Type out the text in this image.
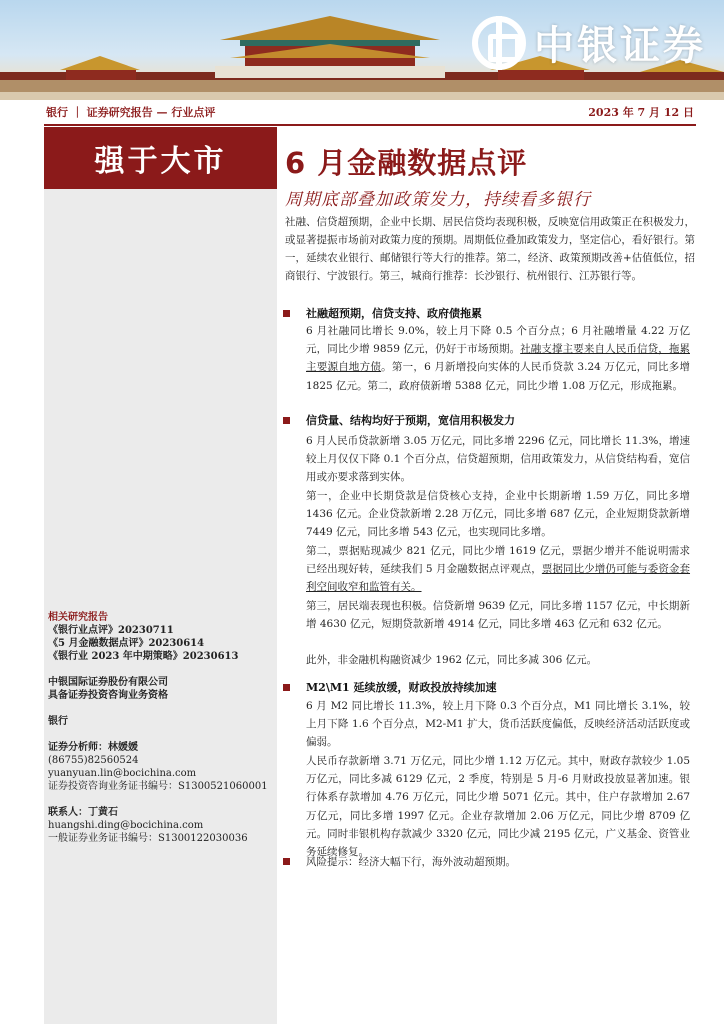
中银证券
银行 ｜ 证券研究报告 — 行业点评	2023 年 7 月 12 日
强于大市
相关研究报告
《银行业点评》20230711
《5 月金融数据点评》20230614
《银行业 2023 年中期策略》20230613
中银国际证券股份有限公司
具备证券投资咨询业务资格
银行
证券分析师：林媛媛
(86755)82560524
yuanyuan.lin@bocichina.com
证券投资咨询业务证书编号：S1300521060001
联系人：丁黄石
huangshi.ding@bocichina.com
一般证券业务证书编号：S1300122030036
6 月金融数据点评
周期底部叠加政策发力，持续看多银行
社融、信贷超预期，企业中长期、居民信贷均表现积极，反映宽信用政策正在积极发力，或显著提振市场前对政策力度的预期。周期低位叠加政策发力，坚定信心，看好银行。第一，延续农业银行、邮储银行等大行的推荐。第二，经济、政策预期改善+估值低位，招商银行、宁波银行。第三，城商行推荐：长沙银行、杭州银行、江苏银行等。
社融超预期，信贷支持、政府债拖累
6 月社融同比增长 9.0%，较上月下降 0.5 个百分点；6 月社融增量 4.22 万亿元，同比少增 9859 亿元，仍好于市场预期。社融支撑主要来自人民币信贷，拖累主要源自地方债。第一，6 月新增投向实体的人民币贷款 3.24 万亿元，同比多增 1825 亿元。第二，政府债新增 5388 亿元，同比少增 1.08 万亿元，形成拖累。
信贷量、结构均好于预期，宽信用积极发力
6 月人民币贷款新增 3.05 万亿元，同比多增 2296 亿元，同比增长 11.3%，增速较上月仅仅下降 0.1 个百分点，信贷超预期，信用政策发力，从信贷结构看，宽信用或亦要求落到实体。
第一，企业中长期贷款是信贷核心支持，企业中长期新增 1.59 万亿，同比多增 1436 亿元。企业贷款新增 2.28 万亿元，同比多增 687 亿元，企业短期贷款新增 7449 亿元，同比多增 543 亿元，也实现同比多增。
第二，票据贴现减少 821 亿元，同比少增 1619 亿元，票据少增并不能说明需求已经出现好转，延续我们 5 月金融数据点评观点，票据同比少增仍可能与委资金套利空间收窄和监管有关。
第三，居民端表现也积极。信贷新增 9639 亿元，同比多增 1157 亿元，中长期新增 4630 亿元，短期贷款新增 4914 亿元，同比多增 463 亿元和 632 亿元。
此外，非金融机构融资减少 1962 亿元，同比多减 306 亿元。
M2\M1 延续放缓，财政投放持续加速
6 月 M2 同比增长 11.3%，较上月下降 0.3 个百分点，M1 同比增长 3.1%，较上月下降 1.6 个百分点，M2-M1 扩大，货币活跃度偏低，反映经济活动活跃度或偏弱。
人民币存款新增 3.71 万亿元，同比少增 1.12 万亿元。其中，财政存款较少 1.05 万亿元，同比多减 6129 亿元，2 季度，特别是 5 月-6 月财政投放显著加速。银行体系存款增加 4.76 万亿元，同比少增 5071 亿元。其中，住户存款增加 2.67 万亿元，同比多增 1997 亿元。企业存款增加 2.06 万亿元，同比少增 8709 亿元。同时非银机构存款减少 3320 亿元，同比少减 2195 亿元，广义基金、资管业务延续修复。
风险提示：经济大幅下行，海外波动超预期。
